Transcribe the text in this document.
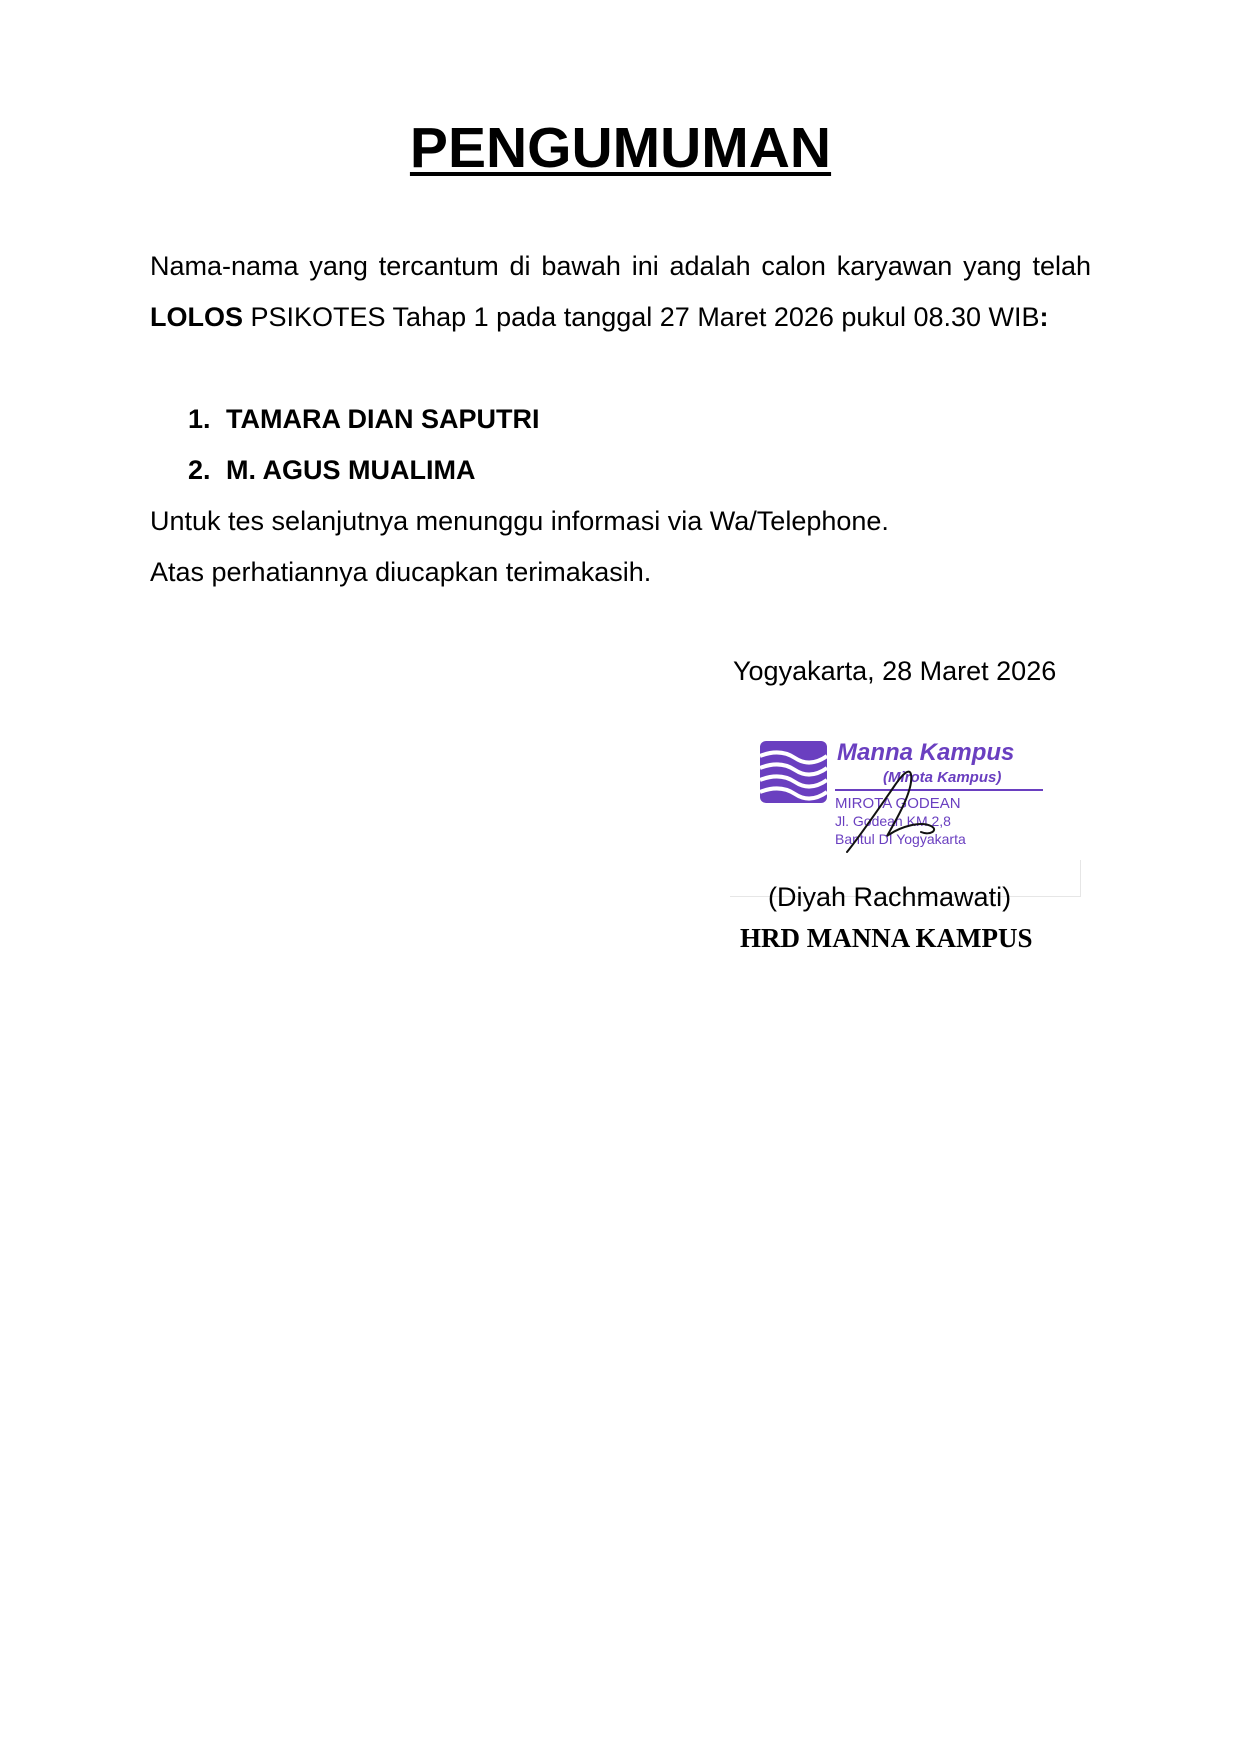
PENGUMUMAN
Nama-nama yang tercantum di bawah ini adalah calon karyawan yang telah LOLOS PSIKOTES Tahap 1 pada tanggal 27 Maret 2026 pukul 08.30 WIB:
1. TAMARA DIAN SAPUTRI
2. M. AGUS MUALIMA
Untuk tes selanjutnya menunggu informasi via Wa/Telephone.
Atas perhatiannya diucapkan terimakasih.
Yogyakarta, 28 Maret 2026
Manna Kampus
(Mirota Kampus)
MIROTA GODEAN
Jl. Godean KM 2,8
Bantul DI Yogyakarta
(Diyah Rachmawati)
HRD MANNA KAMPUS
